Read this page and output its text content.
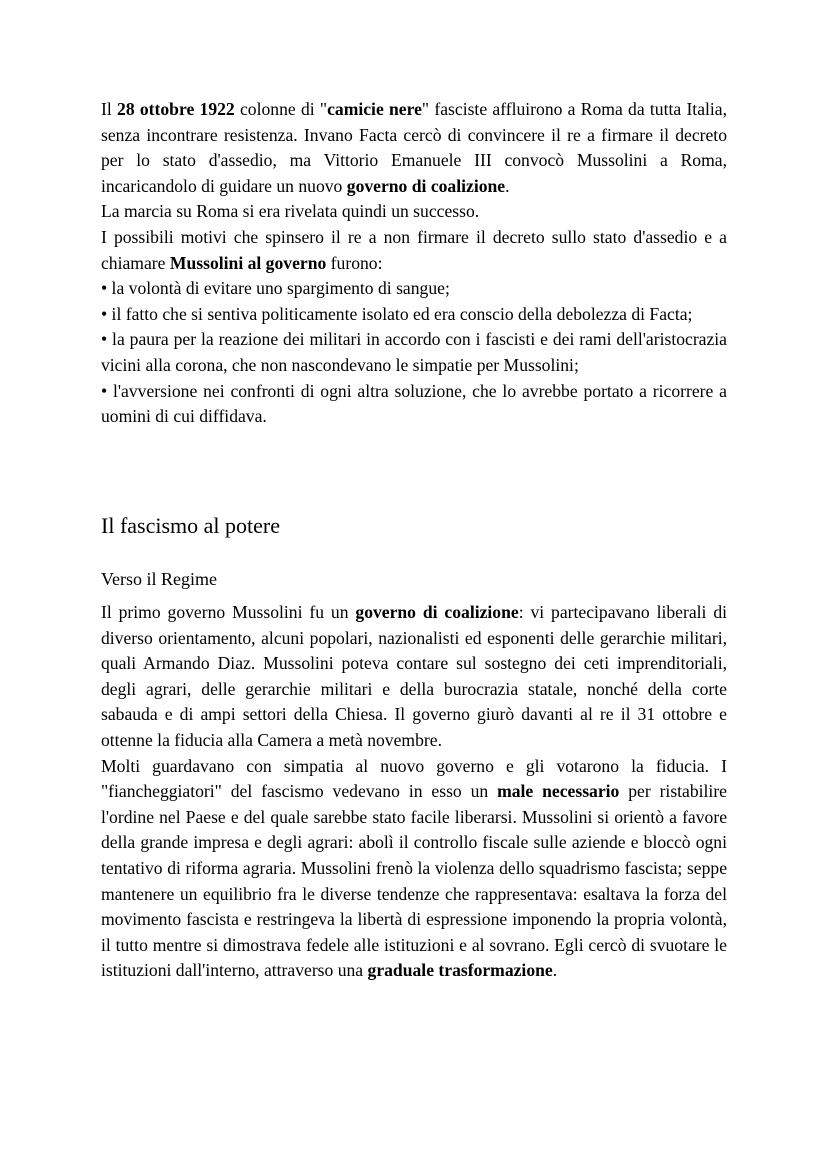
Il 28 ottobre 1922 colonne di "camicie nere" fasciste affluirono a Roma da tutta Italia, senza incontrare resistenza. Invano Facta cercò di convincere il re a firmare il decreto per lo stato d'assedio, ma Vittorio Emanuele III convocò Mussolini a Roma, incaricandolo di guidare un nuovo governo di coalizione.

La marcia su Roma si era rivelata quindi un successo.

I possibili motivi che spinsero il re a non firmare il decreto sullo stato d'assedio e a chiamare Mussolini al governo furono:

• la volontà di evitare uno spargimento di sangue;

• il fatto che si sentiva politicamente isolato ed era conscio della debolezza di Facta;

• la paura per la reazione dei militari in accordo con i fascisti e dei rami dell'aristocrazia vicini alla corona, che non nascondevano le simpatie per Mussolini;

• l'avversione nei confronti di ogni altra soluzione, che lo avrebbe portato a ricorrere a uomini di cui diffidava.

Il fascismo al potere
Verso il Regime

Il primo governo Mussolini fu un governo di coalizione: vi partecipavano liberali di diverso orientamento, alcuni popolari, nazionalisti ed esponenti delle gerarchie militari, quali Armando Diaz. Mussolini poteva contare sul sostegno dei ceti imprenditoriali, degli agrari, delle gerarchie militari e della burocrazia statale, nonché della corte sabauda e di ampi settori della Chiesa. Il governo giurò davanti al re il 31 ottobre e ottenne la fiducia alla Camera a metà novembre.

Molti guardavano con simpatia al nuovo governo e gli votarono la fiducia. I "fiancheggiatori" del fascismo vedevano in esso un male necessario per ristabilire l'ordine nel Paese e del quale sarebbe stato facile liberarsi. Mussolini si orientò a favore della grande impresa e degli agrari: abolì il controllo fiscale sulle aziende e bloccò ogni tentativo di riforma agraria. Mussolini frenò la violenza dello squadrismo fascista; seppe mantenere un equilibrio fra le diverse tendenze che rappresentava: esaltava la forza del movimento fascista e restringeva la libertà di espressione imponendo la propria volontà, il tutto mentre si dimostrava fedele alle istituzioni e al sovrano. Egli cercò di svuotare le istituzioni dall'interno, attraverso una graduale trasformazione.
